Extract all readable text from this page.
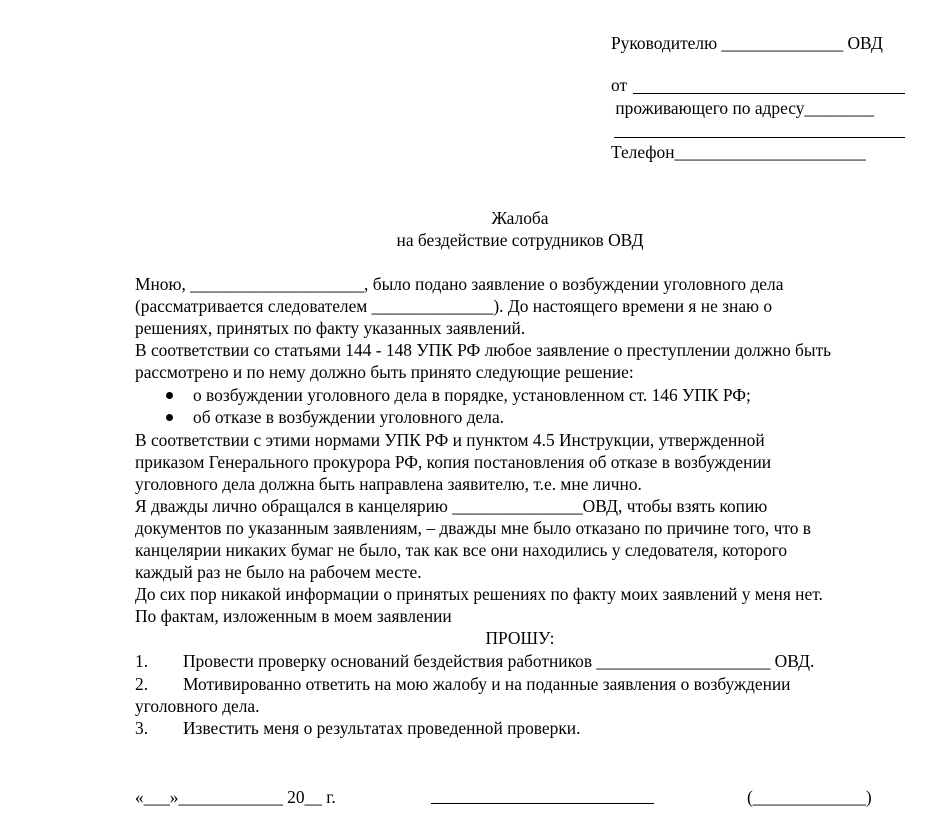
Руководителю ______________ ОВД
от
проживающего по адресу________
Телефон______________________
Жалоба
на бездействие сотрудников ОВД
Мною, ____________________, было подано заявление о возбуждении уголовного дела
(рассматривается следователем ______________). До настоящего времени я не знаю о
решениях, принятых по факту указанных заявлений.
В соответствии со статьями 144 - 148 УПК РФ любое заявление о преступлении должно быть
рассмотрено и по нему должно быть принято следующие решение:
о возбуждении уголовного дела в порядке, установленном ст. 146 УПК РФ;
об отказе в возбуждении уголовного дела.
В соответствии с этими нормами УПК РФ и пунктом 4.5 Инструкции, утвержденной
приказом Генерального прокурора РФ, копия постановления об отказе в возбуждении
уголовного дела должна быть направлена заявителю, т.е. мне лично.
Я дважды лично обращался в канцелярию _______________ОВД, чтобы взять копию
документов по указанным заявлениям, – дважды мне было отказано по причине того, что в
канцелярии никаких бумаг не было, так как все они находились у следователя, которого
каждый раз не было на рабочем месте.
До сих пор никакой информации о принятых решениях по факту моих заявлений у меня нет.
По фактам, изложенным в моем заявлении
ПРОШУ:
1. Провести проверку оснований бездействия работников ____________________ ОВД.
2. Мотивированно ответить на мою жалобу и на поданные заявления о возбуждении
уголовного дела.
3. Известить меня о результатах проведенной проверки.
«___»____________ 20__ г.	(_____________)
